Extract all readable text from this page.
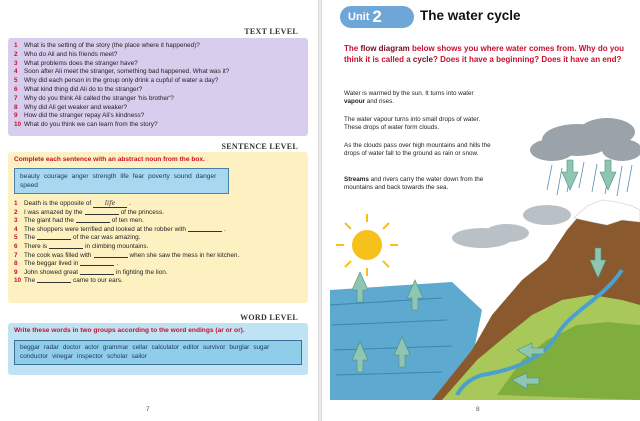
TEXT LEVEL
1	What is the setting of the story (the place where it happened)?
2	Who do Ali and his friends meet?
3	What problems does the stranger have?
4	Soon after Ali meet the stranger, something bad happened. What was it?
5	Why did each person in the group only drink a cupful of water a day?
6	What kind thing did Ali do to the stranger?
7	Why do you think Ali called the stranger 'his brother'?
8	Why did Ali get weaker and weaker?
9	How did the stranger repay Ali's kindness?
10 What do you think we can learn from the story?
SENTENCE LEVEL
Complete each sentence with an abstract noun from the box.
beauty courage anger strength life fear poverty sound dangerspeed
1	Death is the opposite of	life	.
2	I was amazed by the	of the princess.
3	The giant had the	of ten men.
4	The shoppers were terrified and looked at the robber with	.
5	The	of the car was amazing.
6	There is	in climbing mountains.
7	The cook was filled with	when she saw the mess in her kitchen.
8	The beggar lived in	.
9	John showed great	in fighting the lion.
10 The	came to our ears.
WORD LEVEL
Write these words in two groups according to the word endings (ar or or).
beggar radar doctor actor grammar cellar calculator editor survivor burglar sugarconductor vinegar inspector scholar sailor
7
Unit 2	The water cycle
The flow diagram below shows you where water comes from. Why do you think it is called a cycle? Does it have a beginning? Does it have an end?
Water is warmed by the sun. It turns into water vapour and rises.
The water vapour turns into small drops of water. These drops of water form clouds.
As the clouds pass over high mountains and hills the drops of water fall to the ground as rain or snow.
Streams and rivers carry the water down from the mountains and back towards the sea.
8
